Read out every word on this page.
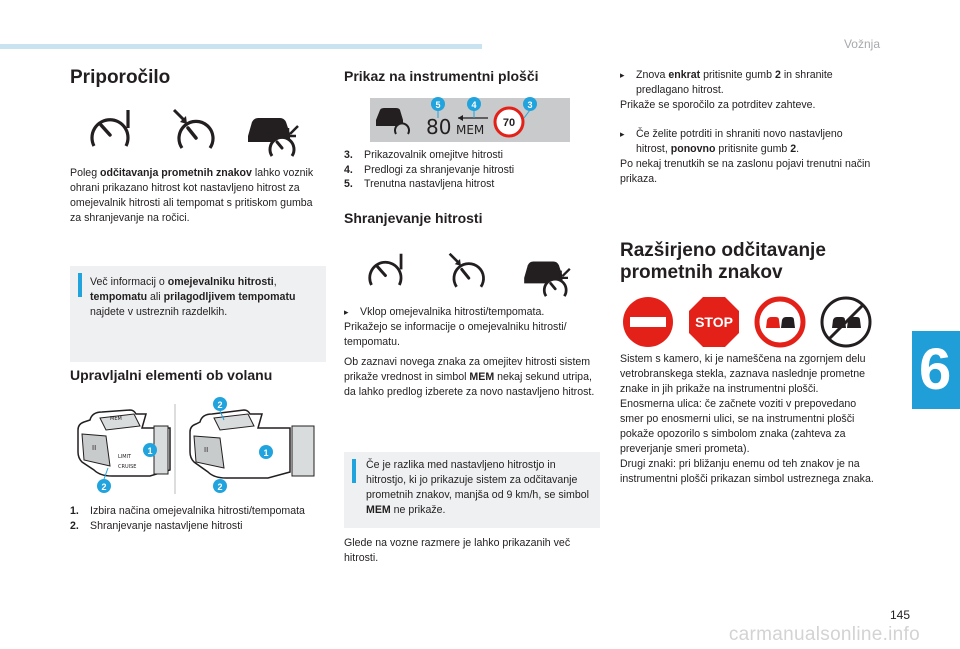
Vožnja
6
145
carmanualsonline.info
Priporočilo
Poleg odčitavanja prometnih znakov lahko voznik ohrani prikazano hitrost kot nastavljeno hitrost za omejevalnik hitrosti ali tempomat s pritiskom gumba za shranjevanje na ročici.
Več informacij o omejevalniku hitrosti, tempomatu ali prilagodljivem tempomatu najdete v ustreznih razdelkih.
Upravljalni elementi ob volanu
II
LIMIT
CRUISE
MEM
1
2
II	1
2
2
1.	Izbira načina omejevalnika hitrosti/tempomata
2.	Shranjevanje nastavljene hitrosti
Prikaz na instrumentni plošči
80 MEM 70
5	4	3
3.	Prikazovalnik omejitve hitrosti
4.	Predlogi za shranjevanje hitrosti
5.	Trenutna nastavljena hitrost
Shranjevanje hitrosti
▸	Vklop omejevalnika hitrosti/tempomata.
Prikažejo se informacije o omejevalniku hitrosti/ tempomatu.
Ob zaznavi novega znaka za omejitev hitrosti sistem prikaže vrednost in simbol MEM nekaj sekund utripa, da lahko predlog izberete za novo nastavljeno hitrost.
Če je razlika med nastavljeno hitrostjo in hitrostjo, ki jo prikazuje sistem za odčitavanje prometnih znakov, manjša od 9 km/h, se simbol MEM ne prikaže.
Glede na vozne razmere je lahko prikazanih več hitrosti.
▸	Znova enkrat pritisnite gumb 2 in shranite predlagano hitrost.
Prikaže se sporočilo za potrditev zahteve.
▸	Če želite potrditi in shraniti novo nastavljeno hitrost, ponovno pritisnite gumb 2.
Po nekaj trenutkih se na zaslonu pojavi trenutni način prikaza.
Razširjeno odčitavanje prometnih znakov
STOP
Sistem s kamero, ki je nameščena na zgornjem delu vetrobranskega stekla, zaznava naslednje prometne znake in jih prikaže na instrumentni plošči.
Enosmerna ulica: če začnete voziti v prepovedano smer po enosmerni ulici, se na instrumentni plošči pokaže opozorilo s simbolom znaka (zahteva za preverjanje smeri prometa).
Drugi znaki: pri bližanju enemu od teh znakov je na instrumentni plošči prikazan simbol ustreznega znaka.
